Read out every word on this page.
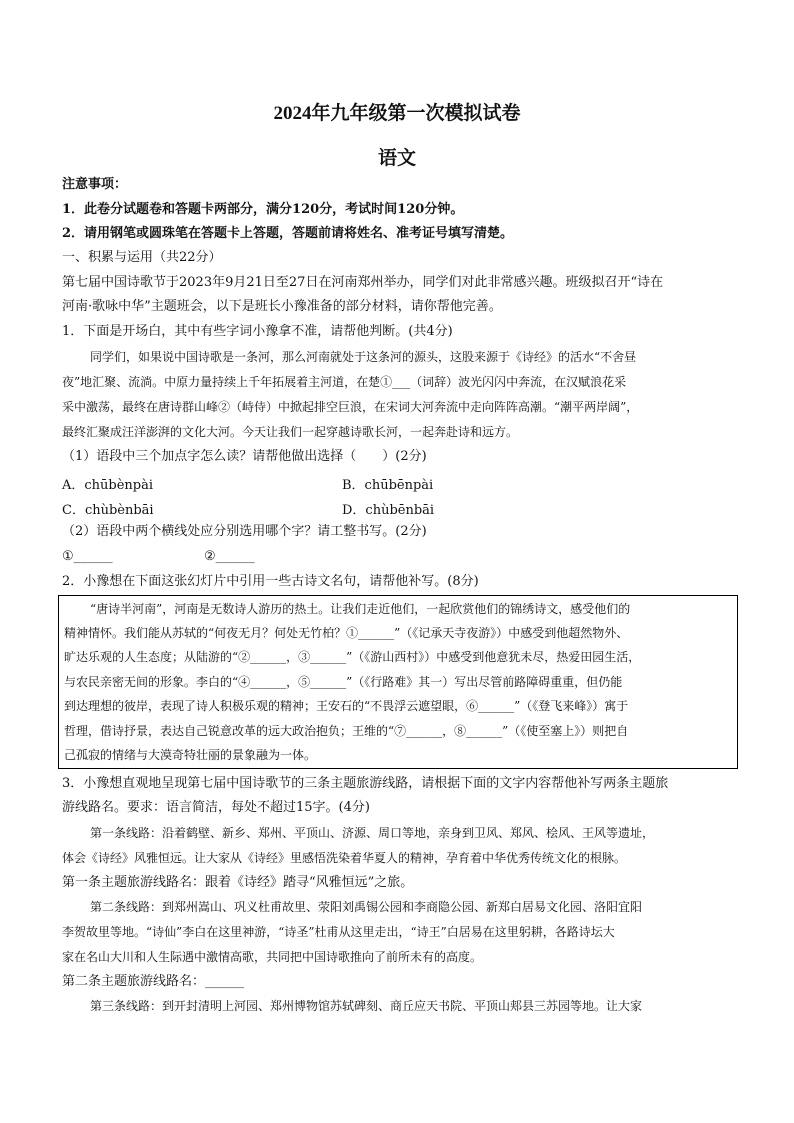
2024年九年级第一次模拟试卷
语文
注意事项：
1．此卷分试题卷和答题卡两部分，满分120分，考试时间120分钟。
2．请用钢笔或圆珠笔在答题卡上答题，答题前请将姓名、准考证号填写清楚。
一、积累与运用（共22分）
第七届中国诗歌节于2023年9月21日至27日在河南郑州举办，同学们对此非常感兴趣。班级拟召开“诗在
河南·歌咏中华”主题班会，以下是班长小豫准备的部分材料，请你帮他完善。
1．下面是开场白，其中有些字词小豫拿不准，请帮他判断。(共4分)
同学们，如果说中国诗歌是一条河，那么河南就处于这条河的源头，这股来源于《诗经》的活水“不舍昼
夜”地汇聚、流淌。中原力量持续上千年拓展着主河道，在楚①___（词辞）波光闪闪中奔流，在汉赋浪花采
采中激荡，最终在唐诗群山峰②（峙侍）中掀起排空巨浪，在宋词大河奔流中走向阵阵高潮。“潮平两岸阔”，
最终汇聚成汪洋澎湃的文化大河。今天让我们一起穿越诗歌长河，一起奔赴诗和远方。
（1）语段中三个加点字怎么读？请帮他做出选择（　　）(2分)
A．chūbènpài	B．chūbēnpài
C．chùbènbāi	D．chùbēnbāi
（2）语段中两个横线处应分别选用哪个字？请工整书写。(2分)
①______	②______
2．小豫想在下面这张幻灯片中引用一些古诗文名句，请帮他补写。(8分)
“唐诗半河南”，河南是无数诗人游历的热土。让我们走近他们，一起欣赏他们的锦绣诗文，感受他们的
精神情怀。我们能从苏轼的“何夜无月？何处无竹柏？①______”（《记承天寺夜游》）中感受到他超然物外、
旷达乐观的人生态度；从陆游的“②______，③______”（《游山西村》）中感受到他意犹未尽，热爱田园生活，
与农民亲密无间的形象。李白的“④______，⑤______”（《行路难》其一）写出尽管前路障碍重重，但仍能
到达理想的彼岸，表现了诗人积极乐观的精神；王安石的“不畏浮云遮望眼，⑥______”（《登飞来峰》）寓于
哲理，借诗抒景，表达自己锐意改革的远大政治抱负；王维的“⑦______，⑧______”（《使至塞上》）则把自
己孤寂的情绪与大漠奇特壮丽的景象融为一体。
3．小豫想直观地呈现第七届中国诗歌节的三条主题旅游线路，请根据下面的文字内容帮他补写两条主题旅
游线路名。要求：语言简洁，每处不超过15字。(4分)
第一条线路：沿着鹤壁、新乡、郑州、平顶山、济源、周口等地，亲身到卫风、郑风、桧风、王风等遗址，
体会《诗经》风雅恒远。让大家从《诗经》里感悟洗染着华夏人的精神，孕育着中华优秀传统文化的根脉。
第一条主题旅游线路名：跟着《诗经》踏寻“风雅恒远”之旅。
第二条线路：到郑州嵩山、巩义杜甫故里、荥阳刘禹锡公园和李商隐公园、新郑白居易文化园、洛阳宜阳
李贺故里等地。“诗仙”李白在这里神游，“诗圣”杜甫从这里走出，“诗王”白居易在这里躬耕，各路诗坛大
家在名山大川和人生际遇中激情高歌，共同把中国诗歌推向了前所未有的高度。
第二条主题旅游线路名：______
第三条线路：到开封清明上河园、郑州博物馆苏轼碑刻、商丘应天书院、平顶山郏县三苏园等地。让大家
